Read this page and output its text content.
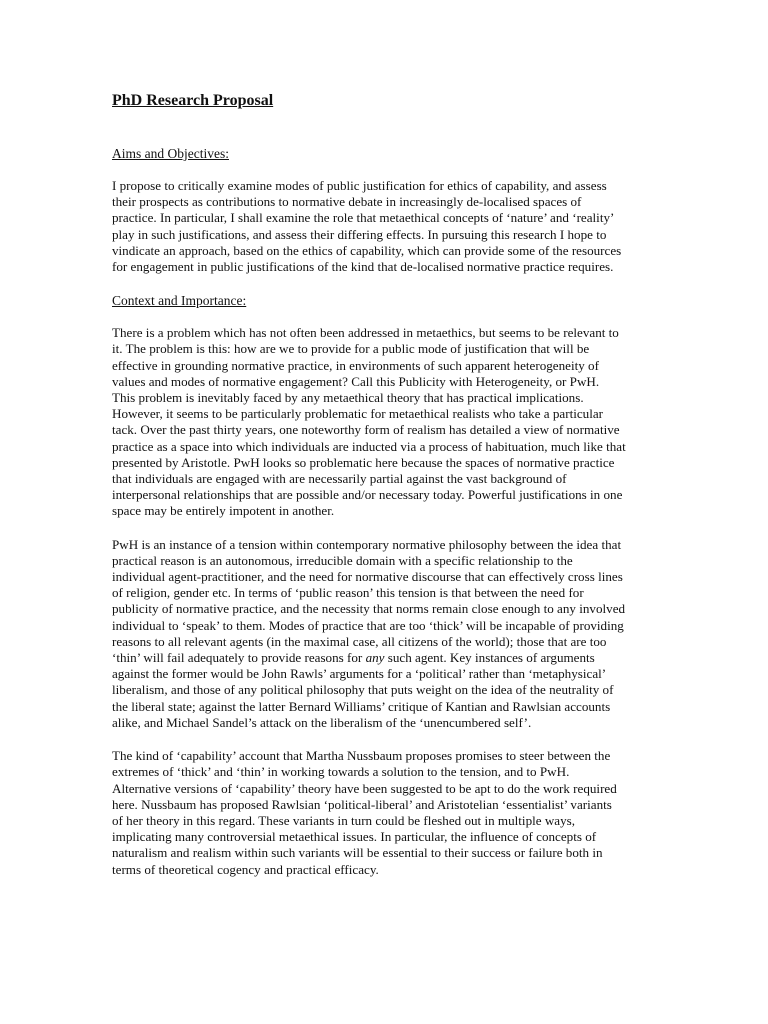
PhD Research Proposal
Aims and Objectives:
I propose to critically examine modes of public justification for ethics of capability, and assess
their prospects as contributions to normative debate in increasingly de-localised spaces of
practice. In particular, I shall examine the role that metaethical concepts of ‘nature’ and ‘reality’
play in such justifications, and assess their differing effects. In pursuing this research I hope to
vindicate an approach, based on the ethics of capability, which can provide some of the resources
for engagement in public justifications of the kind that de-localised normative practice requires.
Context and Importance:
There is a problem which has not often been addressed in metaethics, but seems to be relevant to
it. The problem is this: how are we to provide for a public mode of justification that will be
effective in grounding normative practice, in environments of such apparent heterogeneity of
values and modes of normative engagement? Call this Publicity with Heterogeneity, or PwH.
This problem is inevitably faced by any metaethical theory that has practical implications.
However, it seems to be particularly problematic for metaethical realists who take a particular
tack. Over the past thirty years, one noteworthy form of realism has detailed a view of normative
practice as a space into which individuals are inducted via a process of habituation, much like that
presented by Aristotle. PwH looks so problematic here because the spaces of normative practice
that individuals are engaged with are necessarily partial against the vast background of
interpersonal relationships that are possible and/or necessary today. Powerful justifications in one
space may be entirely impotent in another.
PwH is an instance of a tension within contemporary normative philosophy between the idea that
practical reason is an autonomous, irreducible domain with a specific relationship to the
individual agent-practitioner, and the need for normative discourse that can effectively cross lines
of religion, gender etc. In terms of ‘public reason’ this tension is that between the need for
publicity of normative practice, and the necessity that norms remain close enough to any involved
individual to ‘speak’ to them. Modes of practice that are too ‘thick’ will be incapable of providing
reasons to all relevant agents (in the maximal case, all citizens of the world); those that are too
‘thin’ will fail adequately to provide reasons for any such agent. Key instances of arguments
against the former would be John Rawls’ arguments for a ‘political’ rather than ‘metaphysical’
liberalism, and those of any political philosophy that puts weight on the idea of the neutrality of
the liberal state; against the latter Bernard Williams’ critique of Kantian and Rawlsian accounts
alike, and Michael Sandel’s attack on the liberalism of the ‘unencumbered self’.
The kind of ‘capability’ account that Martha Nussbaum proposes promises to steer between the
extremes of ‘thick’ and ‘thin’ in working towards a solution to the tension, and to PwH.
Alternative versions of ‘capability’ theory have been suggested to be apt to do the work required
here. Nussbaum has proposed Rawlsian ‘political-liberal’ and Aristotelian ‘essentialist’ variants
of her theory in this regard. These variants in turn could be fleshed out in multiple ways,
implicating many controversial metaethical issues. In particular, the influence of concepts of
naturalism and realism within such variants will be essential to their success or failure both in
terms of theoretical cogency and practical efficacy.
